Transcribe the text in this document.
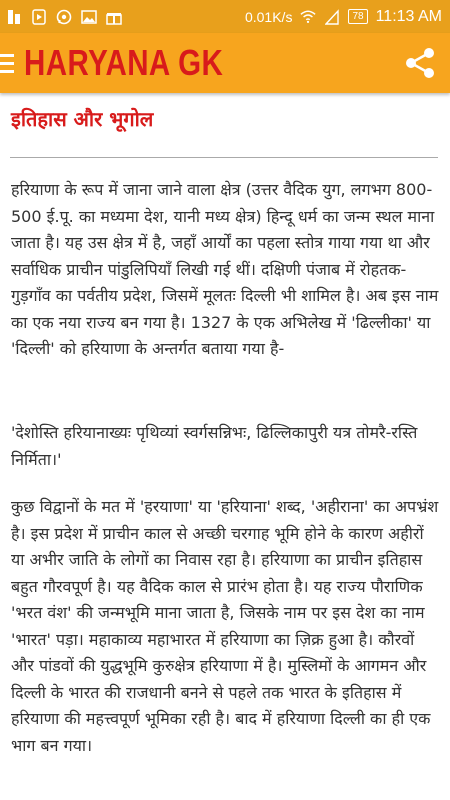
0.01K/s	78 11:13 AM
HARYANA GK
इतिहास और भूगोल

हरियाणा के रूप में जाना जाने वाला क्षेत्र (उत्तर वैदिक युग, लगभग 800-500 ई.पू. का मध्यमा देश, यानी मध्य क्षेत्र) हिन्दू धर्म का जन्म स्थल माना जाता है। यह उस क्षेत्र में है, जहाँ आर्यों का पहला स्तोत्र गाया गया था और सर्वाधिक प्राचीन पांडुलिपियाँ लिखी गई थीं। दक्षिणी पंजाब में रोहतक-गुड़गाँव का पर्वतीय प्रदेश, जिसमें मूलतः दिल्ली भी शामिल है। अब इस नाम का एक नया राज्य बन गया है। 1327 के एक अभिलेख में 'ढिल्लीका' या 'दिल्ली' को हरियाणा के अन्तर्गत बताया गया है-

'देशोस्ति हरियानाख्यः पृथिव्यां स्वर्गसन्निभः, ढिल्लिकापुरी यत्र तोमरै-रस्ति निर्मिता।'

कुछ विद्वानों के मत में 'हरयाणा' या 'हरियाना' शब्द, 'अहीराना' का अपभ्रंश है। इस प्रदेश में प्राचीन काल से अच्छी चरगाह भूमि होने के कारण अहीरों या अभीर जाति के लोगों का निवास रहा है। हरियाणा का प्राचीन इतिहास बहुत गौरवपूर्ण है। यह वैदिक काल से प्रारंभ होता है। यह राज्य पौराणिक 'भरत वंश' की जन्मभूमि माना जाता है, जिसके नाम पर इस देश का नाम 'भारत' पड़ा। महाकाव्य महाभारत में हरियाणा का ज़िक्र हुआ है। कौरवों और पांडवों की युद्धभूमि कुरुक्षेत्र हरियाणा में है। मुस्लिमों के आगमन और दिल्ली के भारत की राजधानी बनने से पहले तक भारत के इतिहास में हरियाणा की महत्त्वपूर्ण भूमिका रही है। बाद में हरियाणा दिल्ली का ही एक भाग बन गया।
